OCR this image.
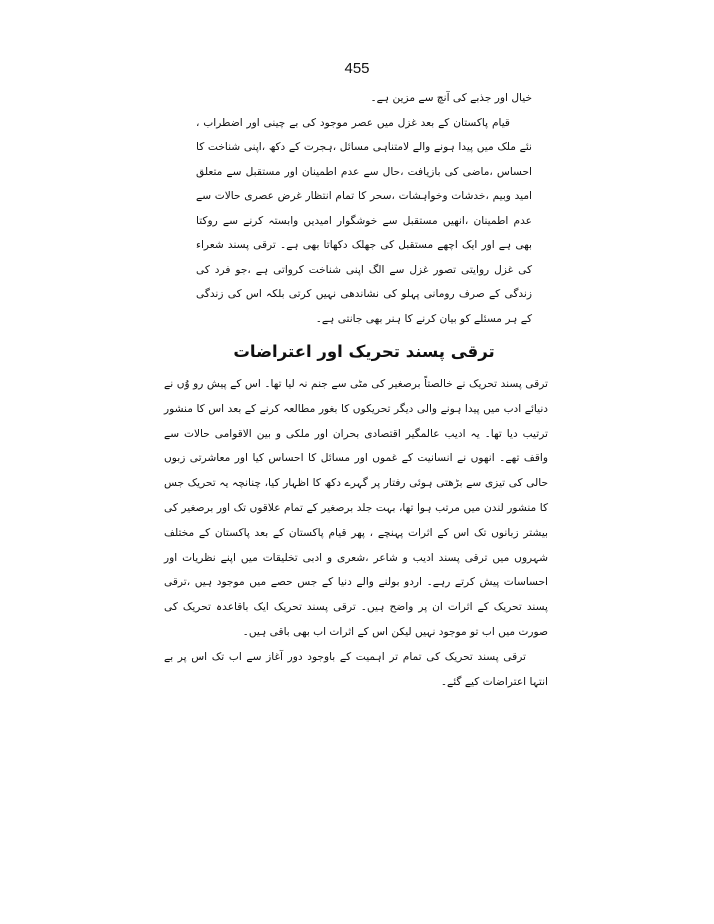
455

خیال اور جذبے کی آنچ سے مزین ہے۔

قیام پاکستان کے بعد غزل میں عصر موجود کی بے چینی اور اضطراب ، نئے ملک میں پیدا ہونے والے لامتناہی مسائل ،ہجرت کے دکھ ،اپنی شناخت کا احساس ،ماضی کی بازیافت ،حال سے عدم اطمینان اور مستقبل سے متعلق امید وبیم ،خدشات وخواہشات ،سحر کا تمام انتظار غرض عصری حالات سے عدم اطمینان ،انھیں مستقبل سے خوشگوار امیدیں وابستہ کرنے سے روکتا بھی ہے اور ایک اچھے مستقبل کی جھلک دکھاتا بھی ہے۔ ترقی پسند شعراء کی غزل روایتی تصور غزل سے الگ اپنی شناخت کرواتی ہے ،جو فرد کی زندگی کے صرف رومانی پہلو کی نشاندھی نہیں کرتی بلکہ اس کی زندگی کے ہر مسئلے کو بیان کرنے کا ہنر بھی جانتی ہے۔

ترقی پسند تحریک اور اعتراضات

ترقی پسند تحریک نے خالصتاً برصغیر کی مٹی سے جنم نہ لیا تھا۔ اس کے پیش رو وُں نے دنیائے ادب میں پیدا ہونے والی دیگر تحریکوں کا بغور مطالعہ کرنے کے بعد اس کا منشور ترتیب دیا تھا۔ یہ ادیب عالمگیر اقتصادی بحران اور ملکی و بین الاقوامی حالات سے واقف تھے۔ انھوں نے انسانیت کے غموں اور مسائل کا احساس کیا اور معاشرتی زبوں حالی کی تیزی سے بڑھتی ہوئی رفتار پر گہرے دکھ کا اظہار کیا، چنانچہ یہ تحریک جس کا منشور لندن میں مرتب ہوا تھا، بہت جلد برصغیر کے تمام علاقوں تک اور برصغیر کی بیشتر زبانوں تک اس کے اثرات پہنچے ، پھر قیام پاکستان کے بعد پاکستان کے مختلف شہروں میں ترقی پسند ادیب و شاعر ،شعری و ادبی تخلیقات میں اپنے نظریات اور احساسات پیش کرتے رہے۔ اردو بولنے والے دنیا کے جس حصے میں موجود ہیں ،ترقی پسند تحریک کے اثرات ان پر واضح ہیں۔ ترقی پسند تحریک ایک باقاعدہ تحریک کی صورت میں اب تو موجود نہیں لیکن اس کے اثرات اب بھی باقی ہیں۔

ترقی پسند تحریک کی تمام تر اہمیت کے باوجود دور آغاز سے اب تک اس پر بے انتہا اعتراضات کیے گئے۔
